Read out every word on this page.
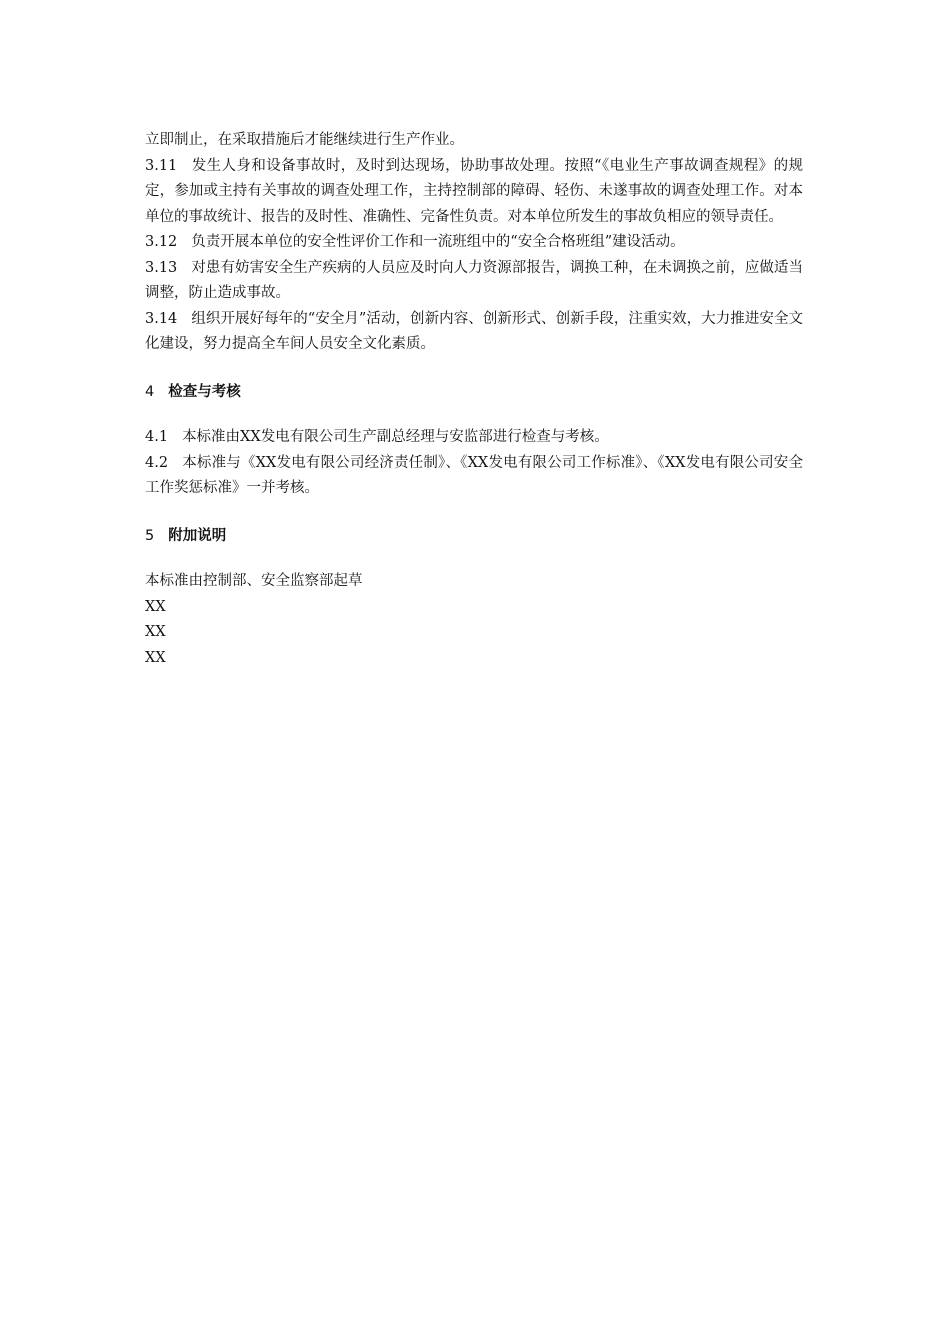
立即制止，在采取措施后才能继续进行生产作业。

3.11 发生人身和设备事故时，及时到达现场，协助事故处理。按照“《电业生产事故调查规程》的规定，参加或主持有关事故的调查处理工作，主持控制部的障碍、轻伤、未遂事故的调查处理工作。对本单位的事故统计、报告的及时性、准确性、完备性负责。对本单位所发生的事故负相应的领导责任。

3.12 负责开展本单位的安全性评价工作和一流班组中的“安全合格班组”建设活动。

3.13 对患有妨害安全生产疾病的人员应及时向人力资源部报告，调换工种，在未调换之前，应做适当调整，防止造成事故。

3.14 组织开展好每年的“安全月”活动，创新内容、创新形式、创新手段，注重实效，大力推进安全文化建设，努力提高全车间人员安全文化素质。

4 检查与考核

4.1 本标准由XX发电有限公司生产副总经理与安监部进行检查与考核。

4.2 本标准与《XX发电有限公司经济责任制》、《XX发电有限公司工作标准》、《XX发电有限公司安全工作奖惩标准》一并考核。

5 附加说明

本标准由控制部、安全监察部起草

XX

XX

XX
